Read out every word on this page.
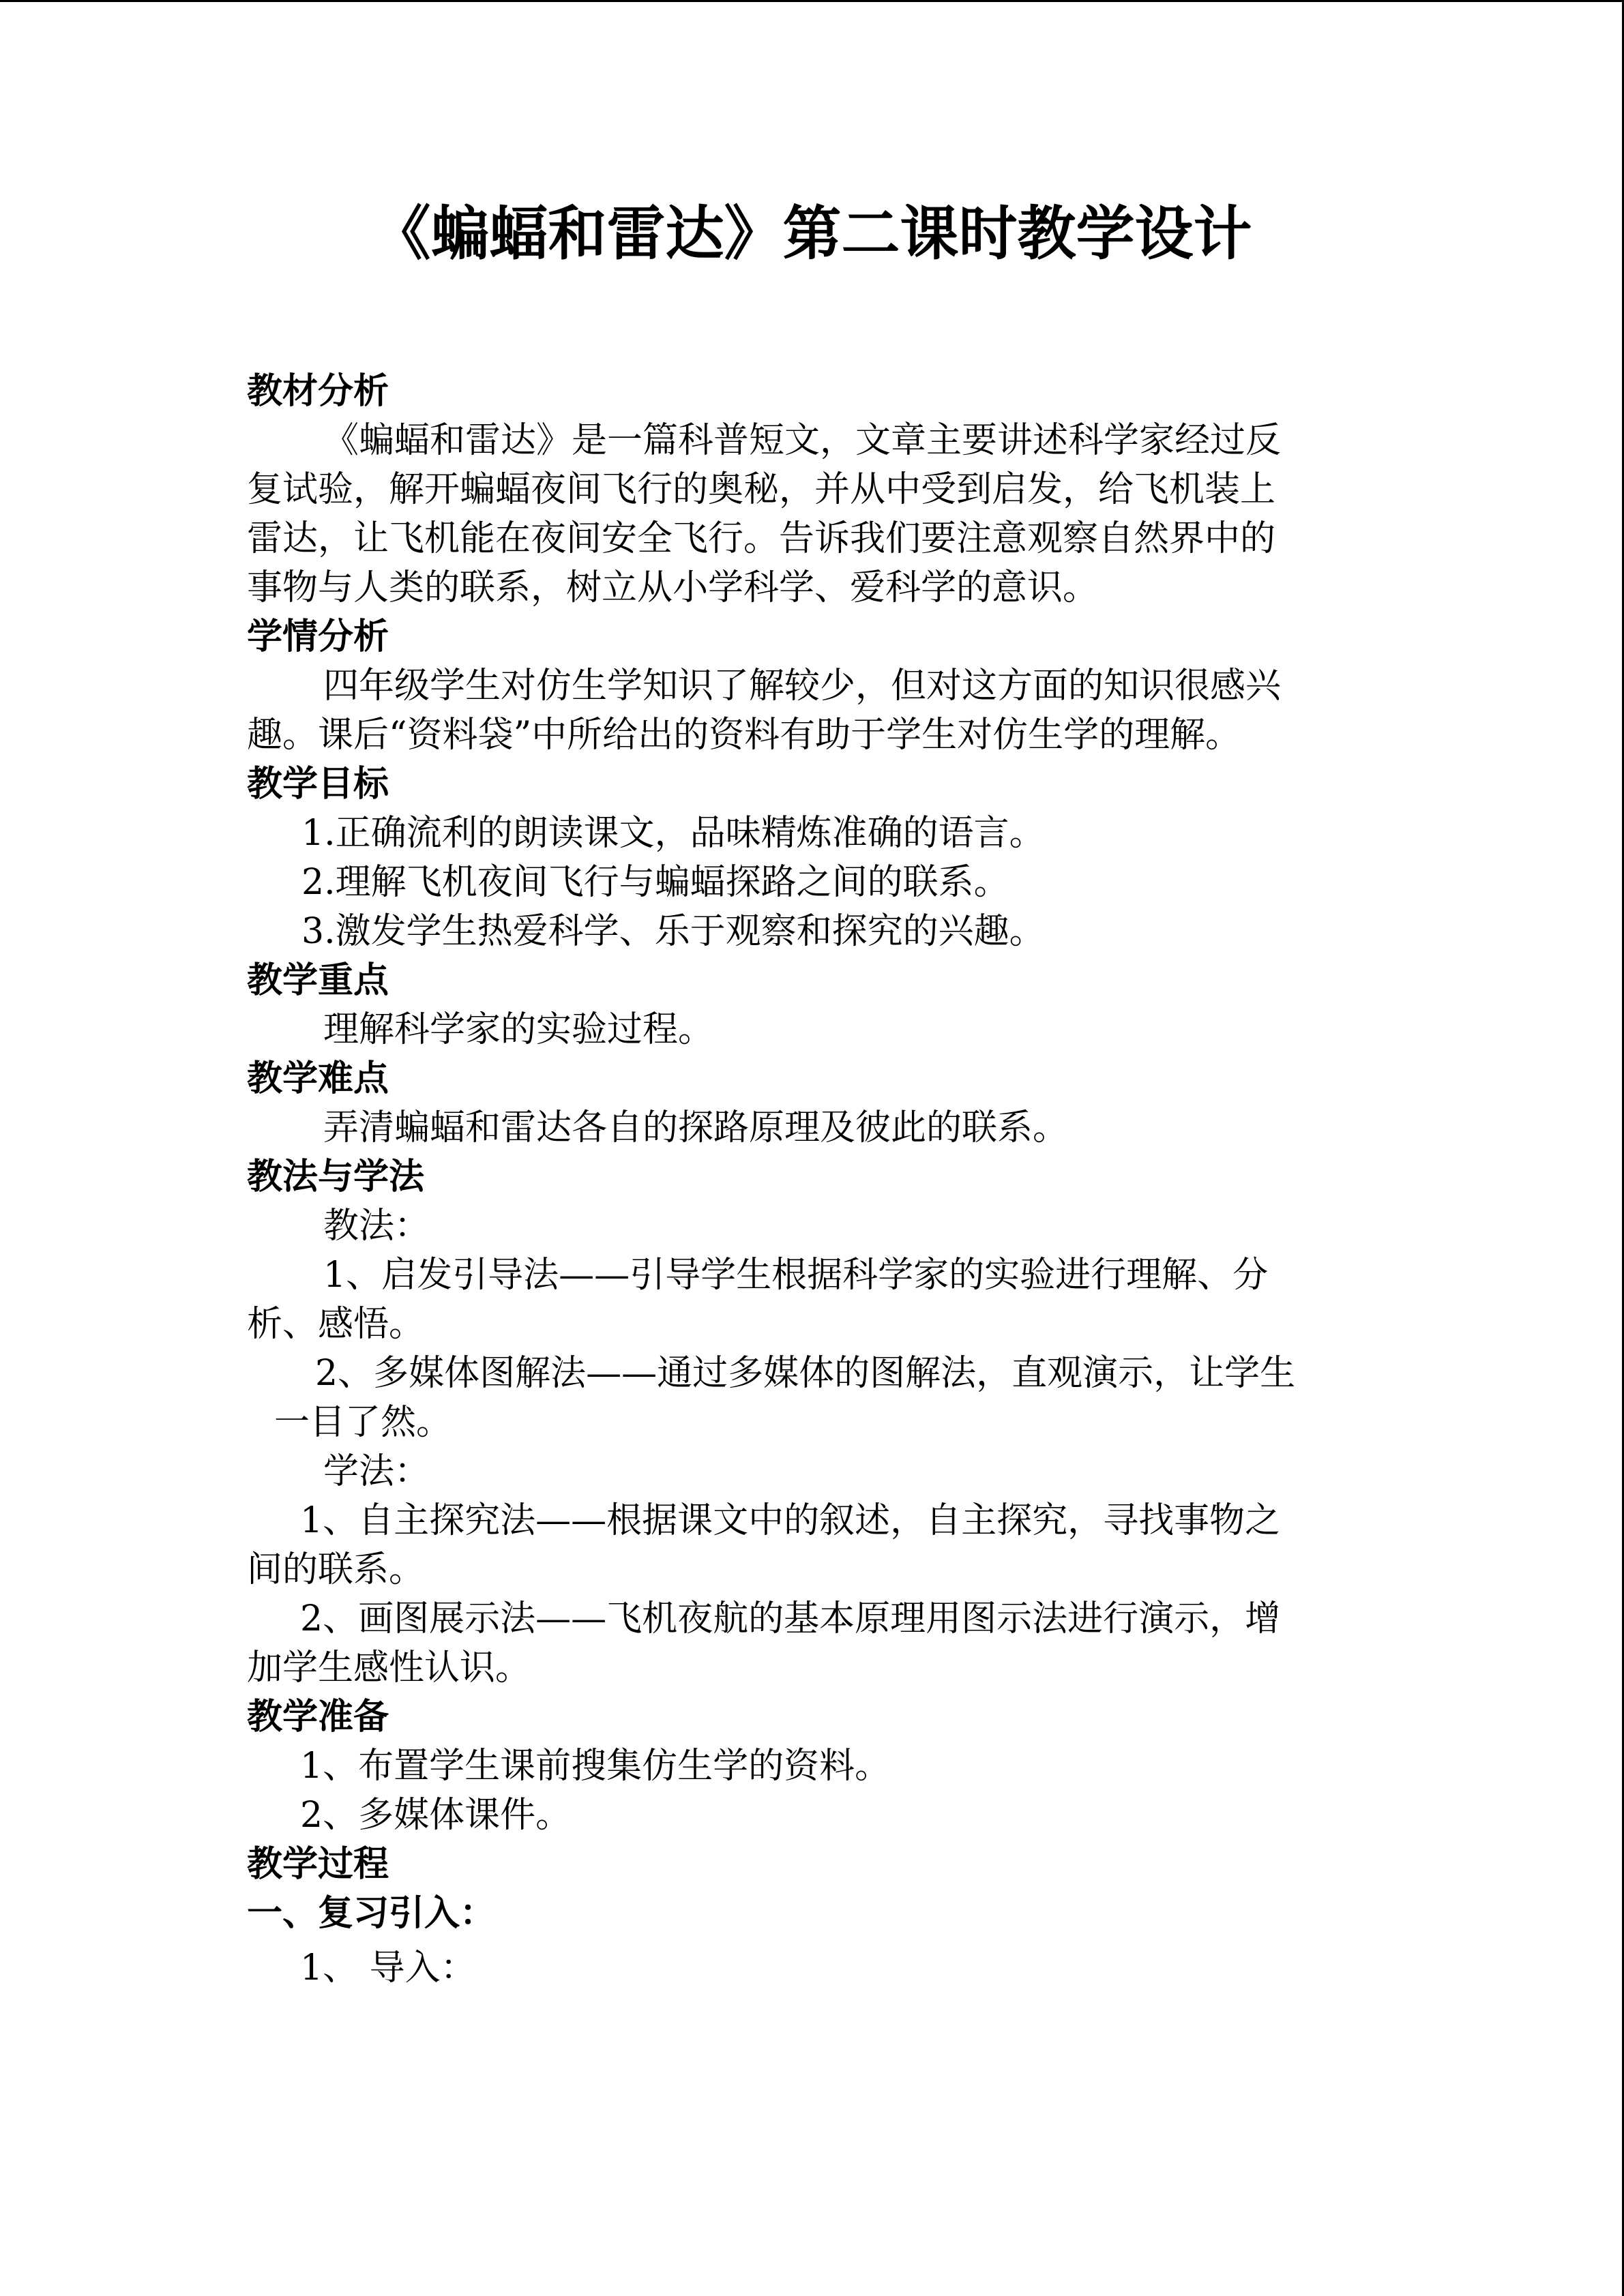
《蝙蝠和雷达》第二课时教学设计

教材分析

《蝙蝠和雷达》是一篇科普短文，文章主要讲述科学家经过反

复试验，解开蝙蝠夜间飞行的奥秘，并从中受到启发，给飞机装上

雷达，让飞机能在夜间安全飞行。告诉我们要注意观察自然界中的

事物与人类的联系，树立从小学科学、爱科学的意识。

学情分析

四年级学生对仿生学知识了解较少，但对这方面的知识很感兴

趣。课后“资料袋”中所给出的资料有助于学生对仿生学的理解。

教学目标

1.正确流利的朗读课文，品味精炼准确的语言。

2.理解飞机夜间飞行与蝙蝠探路之间的联系。

3.激发学生热爱科学、乐于观察和探究的兴趣。

教学重点

理解科学家的实验过程。

教学难点

弄清蝙蝠和雷达各自的探路原理及彼此的联系。

教法与学法

教法：

1、启发引导法——引导学生根据科学家的实验进行理解、分

析、感悟。

2、多媒体图解法——通过多媒体的图解法，直观演示，让学生

一目了然。

学法：

1、自主探究法——根据课文中的叙述，自主探究，寻找事物之

间的联系。

2、画图展示法——飞机夜航的基本原理用图示法进行演示，增

加学生感性认识。

教学准备

1、布置学生课前搜集仿生学的资料。

2、多媒体课件。

教学过程

一、复习引入：

1、 导入：
